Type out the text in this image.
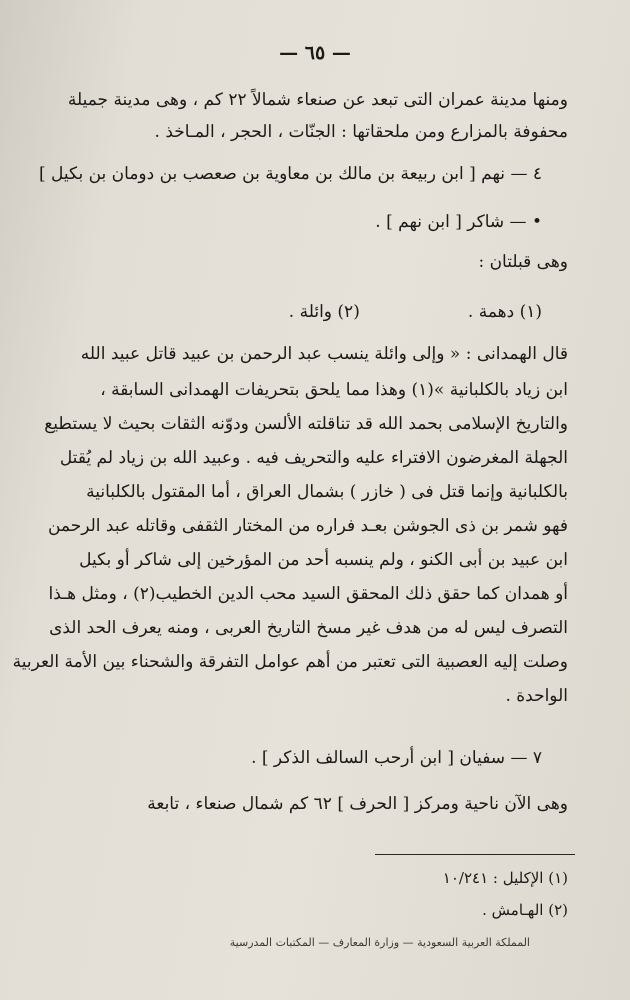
— ٦٥ —
ومنها مدينة عمران التى تبعد عن صنعاء شمالاً ٢٢ كم ، وهى مدينة جميلة
محفوفة بالمزارع ومن ملحقاتها : الجنّات ، الحجر ، المـاخذ .
٤ — نهم [ ابن ربيعة بن مالك بن معاوية بن صعصب بن دومان بن بكيل ]
• — شاكر [ ابن نهم ] .
وهى قبلتان :
(١) دهمة .                    (٢) وائلة .
قال الهمدانى : « وإلى وائلة ينسب عبد الرحمن بن عبيد قاتل عبيد الله
ابن زياد بالكلبانية »(١) وهذا مما يلحق بتحريفات الهمدانى السابقة ،
والتاريخ الإسلامى بحمد الله قد تناقلته الألسن ودوّنه الثقات بحيث لا يستطيع
الجهلة المغرضون الافتراء عليه والتحريف فيه . وعبيد الله بن زياد لم يُقتل
بالكلبانية وإنما قتل فى ( خازر ) بشمال العراق ، أما المقتول بالكلبانية
فهو شمر بن ذى الجوشن بعـد فراره من المختار الثقفى وقاتله عبد الرحمن
ابن عبيد بن أبى الكنو ، ولم ينسبه أحد من المؤرخين إلى شاكر أو بكيل
أو همدان كما حقق ذلك المحقق السيد محب الدين الخطيب(٢) ، ومثل هـذا
التصرف ليس له من هدف غير مسخ التاريخ العربى ، ومنه يعرف الحد الذى
وصلت إليه العصبية التى تعتبر من أهم عوامل التفرقة والشحناء بين الأمة العربية
الواحدة .
٧ — سفيان [ ابن أرحب السالف الذكر ] .
وهى الآن ناحية ومركز [ الحرف ] ٦٢ كم شمال صنعاء ، تابعة
(١) الإكليل : ١٠/٢٤١
(٢) الهـامش .
المملكة العربية السعودية — وزارة المعارف — المكتبات المدرسية
